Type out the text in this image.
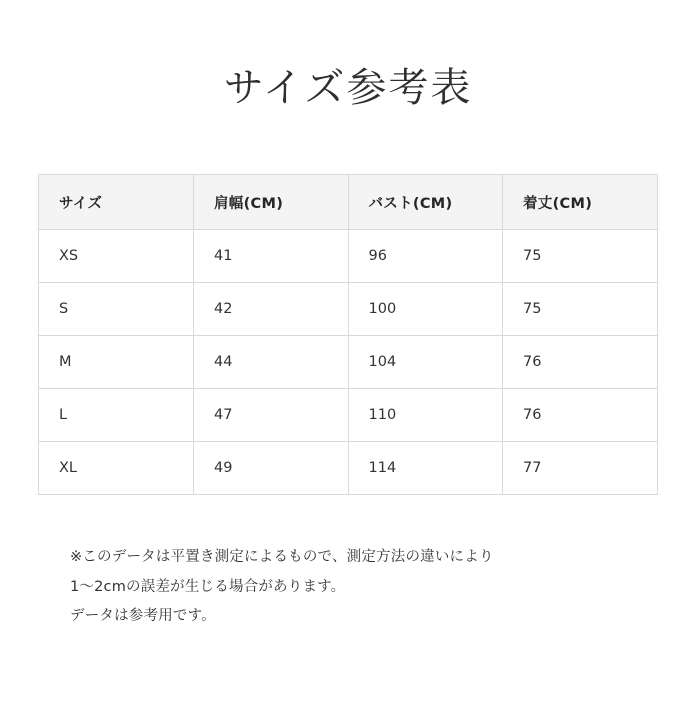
サイズ参考表
サイズ	肩幅(CM)	バスト(CM)	着丈(CM)
XS	41	96	75
S	42	100	75
M	44	104	76
L	47	110	76
XL	49	114	77

※このデータは平置き測定によるもので、測定方法の違いにより

1〜2cmの誤差が生じる場合があります。

データは参考用です。
